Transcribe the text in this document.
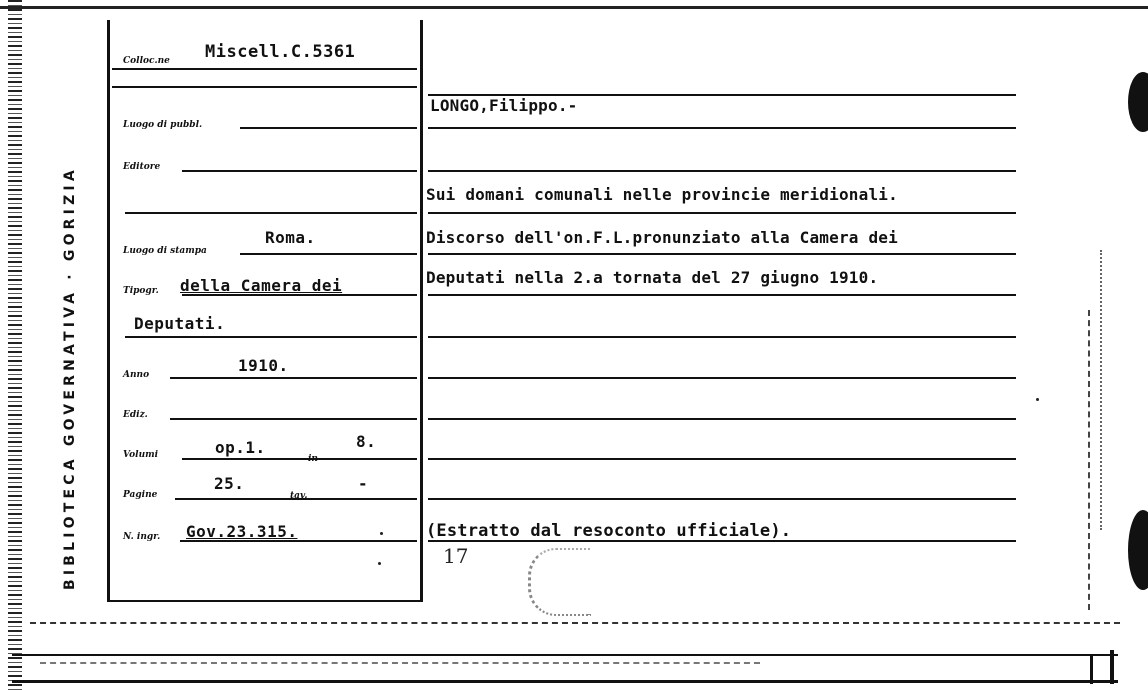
BIBLIOTECA GOVERNATIVA · GORIZIA
Colloc.ne Miscell.C.5361
Luogo di pubbl.
Editore
Luogo di stampa
Roma.
Tipogr. della Camera dei
Deputati.
Anno	1910.
Ediz.
Volumi	op.1.
in
8.
Pagine
25.
tav.
-
N. ingr. Gov.23.315.
LONGO,Filippo.-
Sui domani comunali nelle provincie meridionali.
Discorso dell'on.F.L.pronunziato alla Camera dei
Deputati nella 2.a tornata del 27 giugno 1910.
(Estratto dal resoconto ufficiale).
17
